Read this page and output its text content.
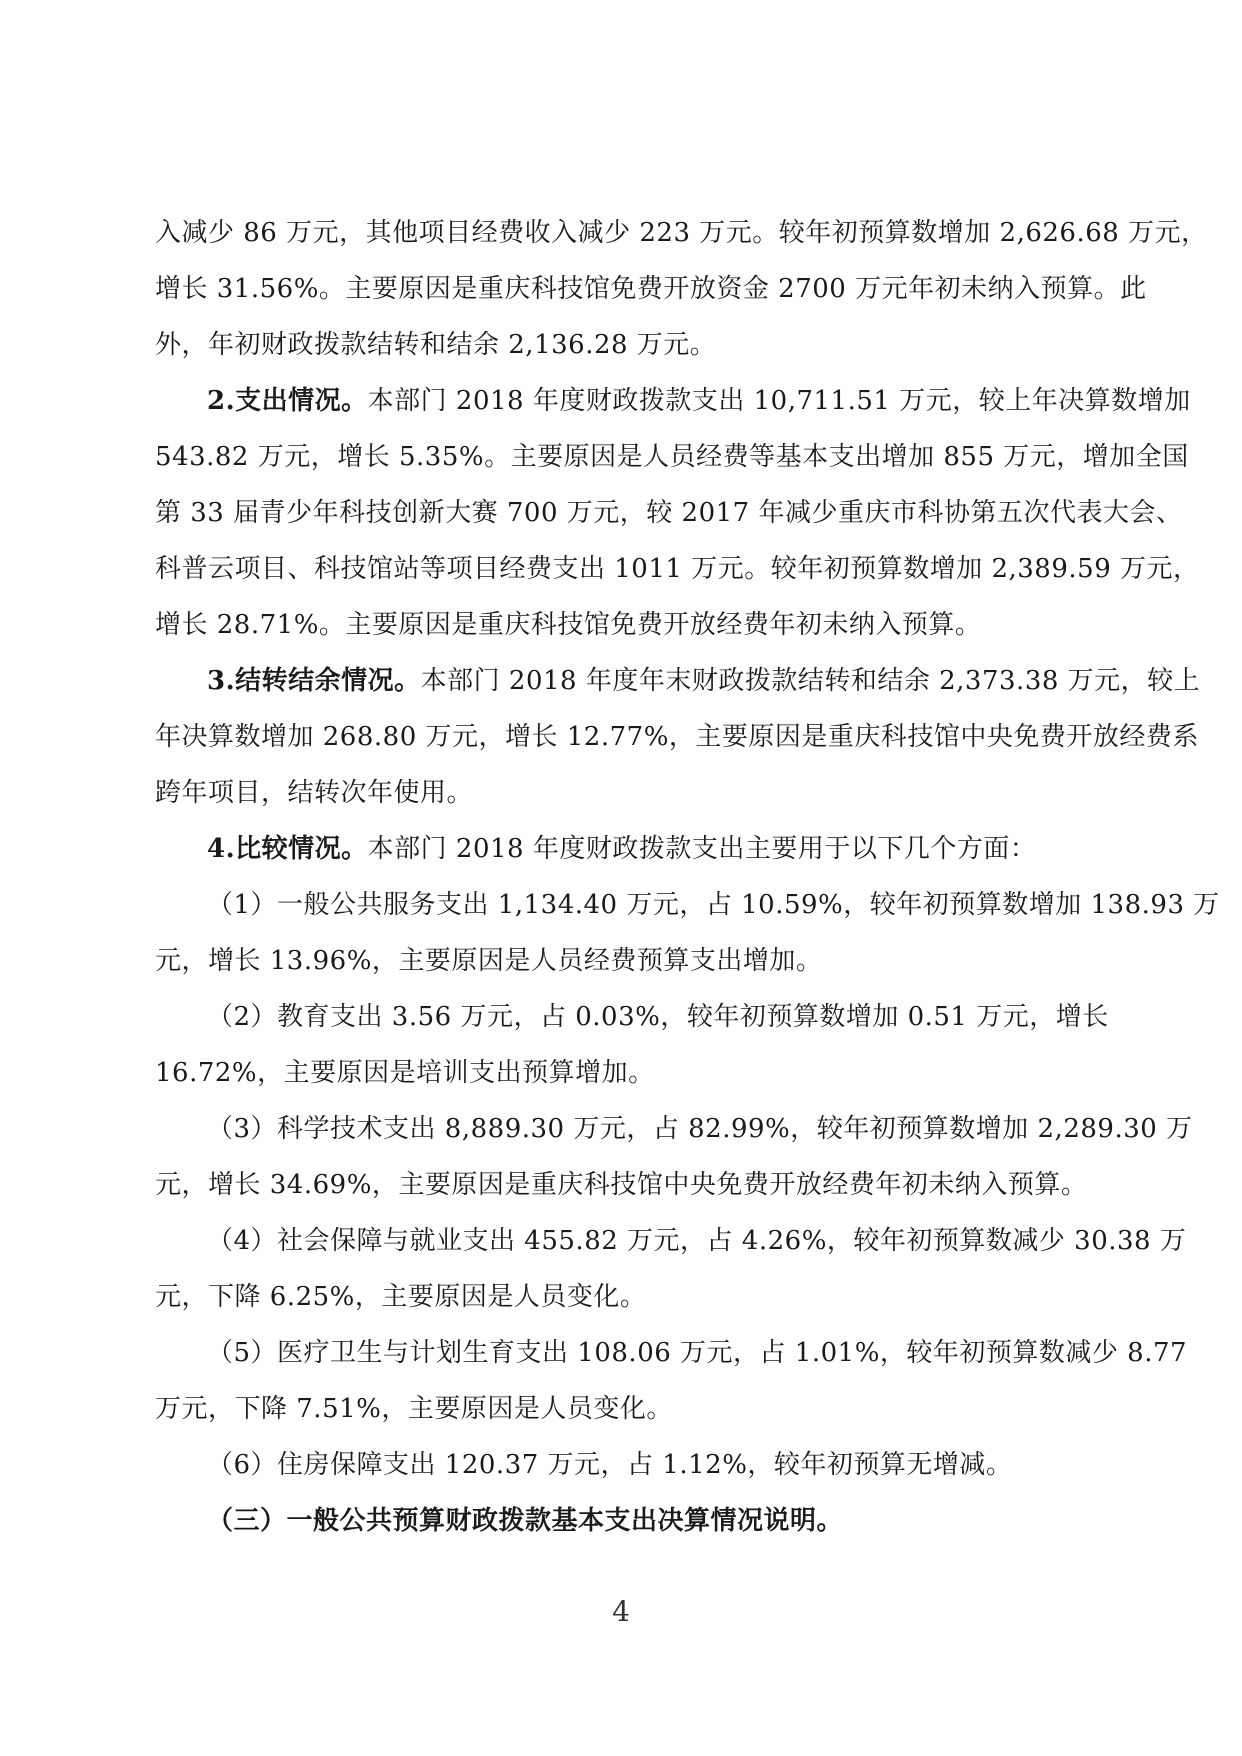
入减少 86 万元，其他项目经费收入减少 223 万元。较年初预算数增加 2,626.68 万元，
增长 31.56%。主要原因是重庆科技馆免费开放资金 2700 万元年初未纳入预算。此
外，年初财政拨款结转和结余 2,136.28 万元。
2.支出情况。本部门 2018 年度财政拨款支出 10,711.51 万元，较上年决算数增加
543.82 万元，增长 5.35%。主要原因是人员经费等基本支出增加 855 万元，增加全国
第 33 届青少年科技创新大赛 700 万元，较 2017 年减少重庆市科协第五次代表大会、
科普云项目、科技馆站等项目经费支出 1011 万元。较年初预算数增加 2,389.59 万元，
增长 28.71%。主要原因是重庆科技馆免费开放经费年初未纳入预算。
3.结转结余情况。本部门 2018 年度年末财政拨款结转和结余 2,373.38 万元，较上
年决算数增加 268.80 万元，增长 12.77%，主要原因是重庆科技馆中央免费开放经费系
跨年项目，结转次年使用。
4.比较情况。本部门 2018 年度财政拨款支出主要用于以下几个方面：
（1）一般公共服务支出 1,134.40 万元，占 10.59%，较年初预算数增加 138.93 万
元，增长 13.96%，主要原因是人员经费预算支出增加。
（2）教育支出 3.56 万元，占 0.03%，较年初预算数增加 0.51 万元，增长
16.72%，主要原因是培训支出预算增加。
（3）科学技术支出 8,889.30 万元，占 82.99%，较年初预算数增加 2,289.30 万
元，增长 34.69%，主要原因是重庆科技馆中央免费开放经费年初未纳入预算。
（4）社会保障与就业支出 455.82 万元，占 4.26%，较年初预算数减少 30.38 万
元，下降 6.25%，主要原因是人员变化。
（5）医疗卫生与计划生育支出 108.06 万元，占 1.01%，较年初预算数减少 8.77
万元，下降 7.51%，主要原因是人员变化。
（6）住房保障支出 120.37 万元，占 1.12%，较年初预算无增减。
（三）一般公共预算财政拨款基本支出决算情况说明。
4
